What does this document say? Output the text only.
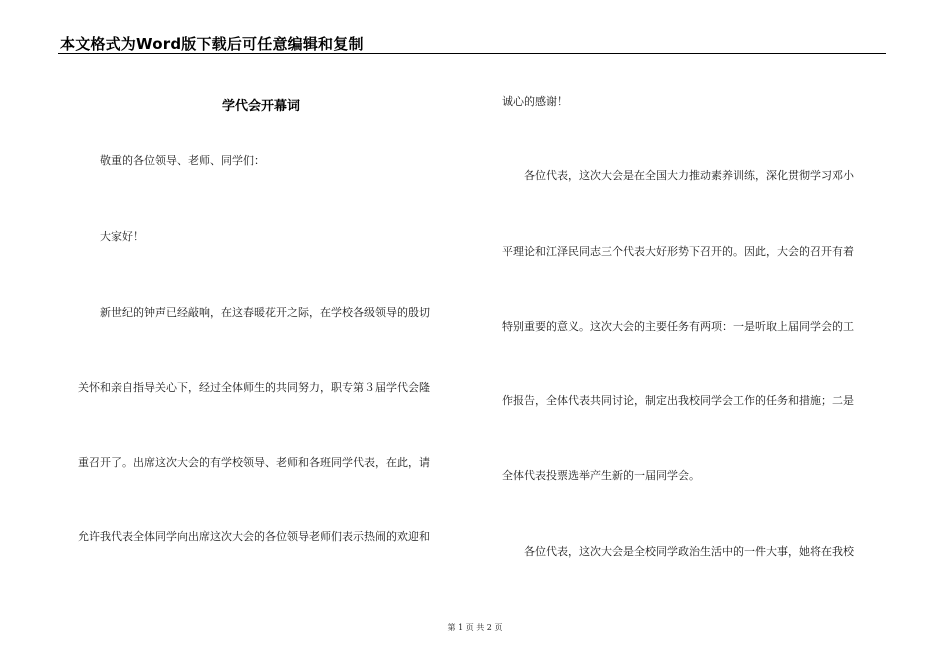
本文格式为Word版下载后可任意编辑和复制
学代会开幕词
敬重的各位领导、老师、同学们：
大家好！
新世纪的钟声已经敲响，在这春暖花开之际，在学校各级领导的殷切
关怀和亲自指导关心下，经过全体师生的共同努力，职专第３届学代会隆
重召开了。出席这次大会的有学校领导、老师和各班同学代表，在此，请
允许我代表全体同学向出席这次大会的各位领导老师们表示热闹的欢迎和
诚心的感谢！
各位代表，这次大会是在全国大力推动素养训练，深化贯彻学习邓小
平理论和江泽民同志三个代表大好形势下召开的。因此，大会的召开有着
特别重要的意义。这次大会的主要任务有两项：一是听取上届同学会的工
作报告，全体代表共同讨论，制定出我校同学会工作的任务和措施；二是
全体代表投票选举产生新的一届同学会。
各位代表，这次大会是全校同学政治生活中的一件大事，她将在我校
第 1 页 共 2 页
